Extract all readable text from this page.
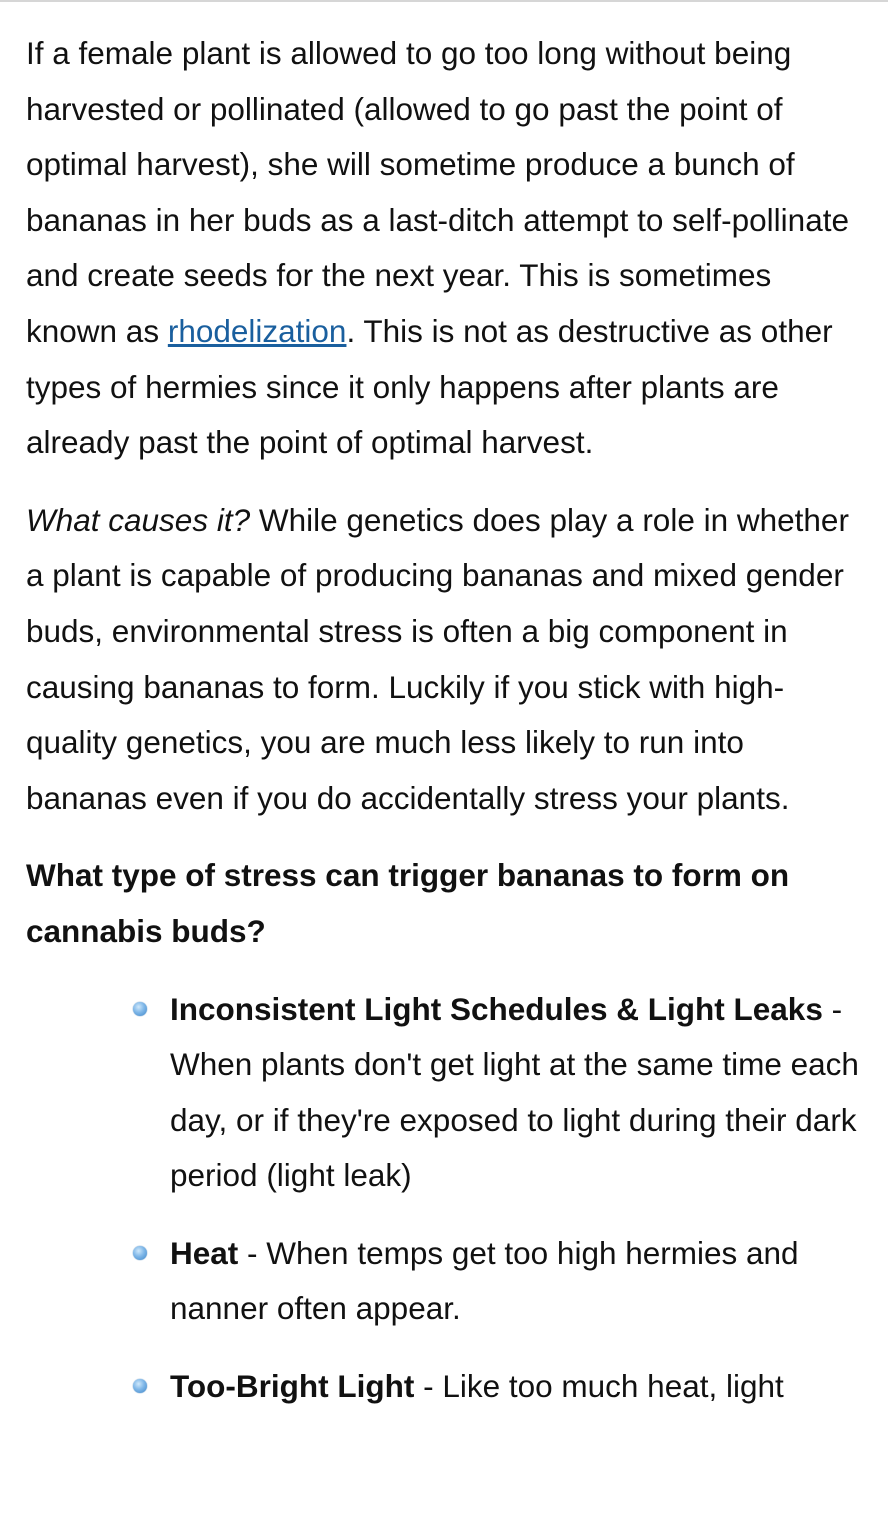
If a female plant is allowed to go too long without being harvested or pollinated (allowed to go past the point of optimal harvest), she will sometime produce a bunch of bananas in her buds as a last-ditch attempt to self-pollinate and create seeds for the next year. This is sometimes known as rhodelization. This is not as destructive as other types of hermies since it only happens after plants are already past the point of optimal harvest.

What causes it? While genetics does play a role in whether a plant is capable of producing bananas and mixed gender buds, environmental stress is often a big component in causing bananas to form. Luckily if you stick with high-quality genetics, you are much less likely to run into bananas even if you do accidentally stress your plants.

What type of stress can trigger bananas to form on cannabis buds?
Inconsistent Light Schedules & Light Leaks - When plants don't get light at the same time each day, or if they're exposed to light during their dark period (light leak)
Heat - When temps get too high hermies and nanner often appear.
Too-Bright Light - Like too much heat, light
